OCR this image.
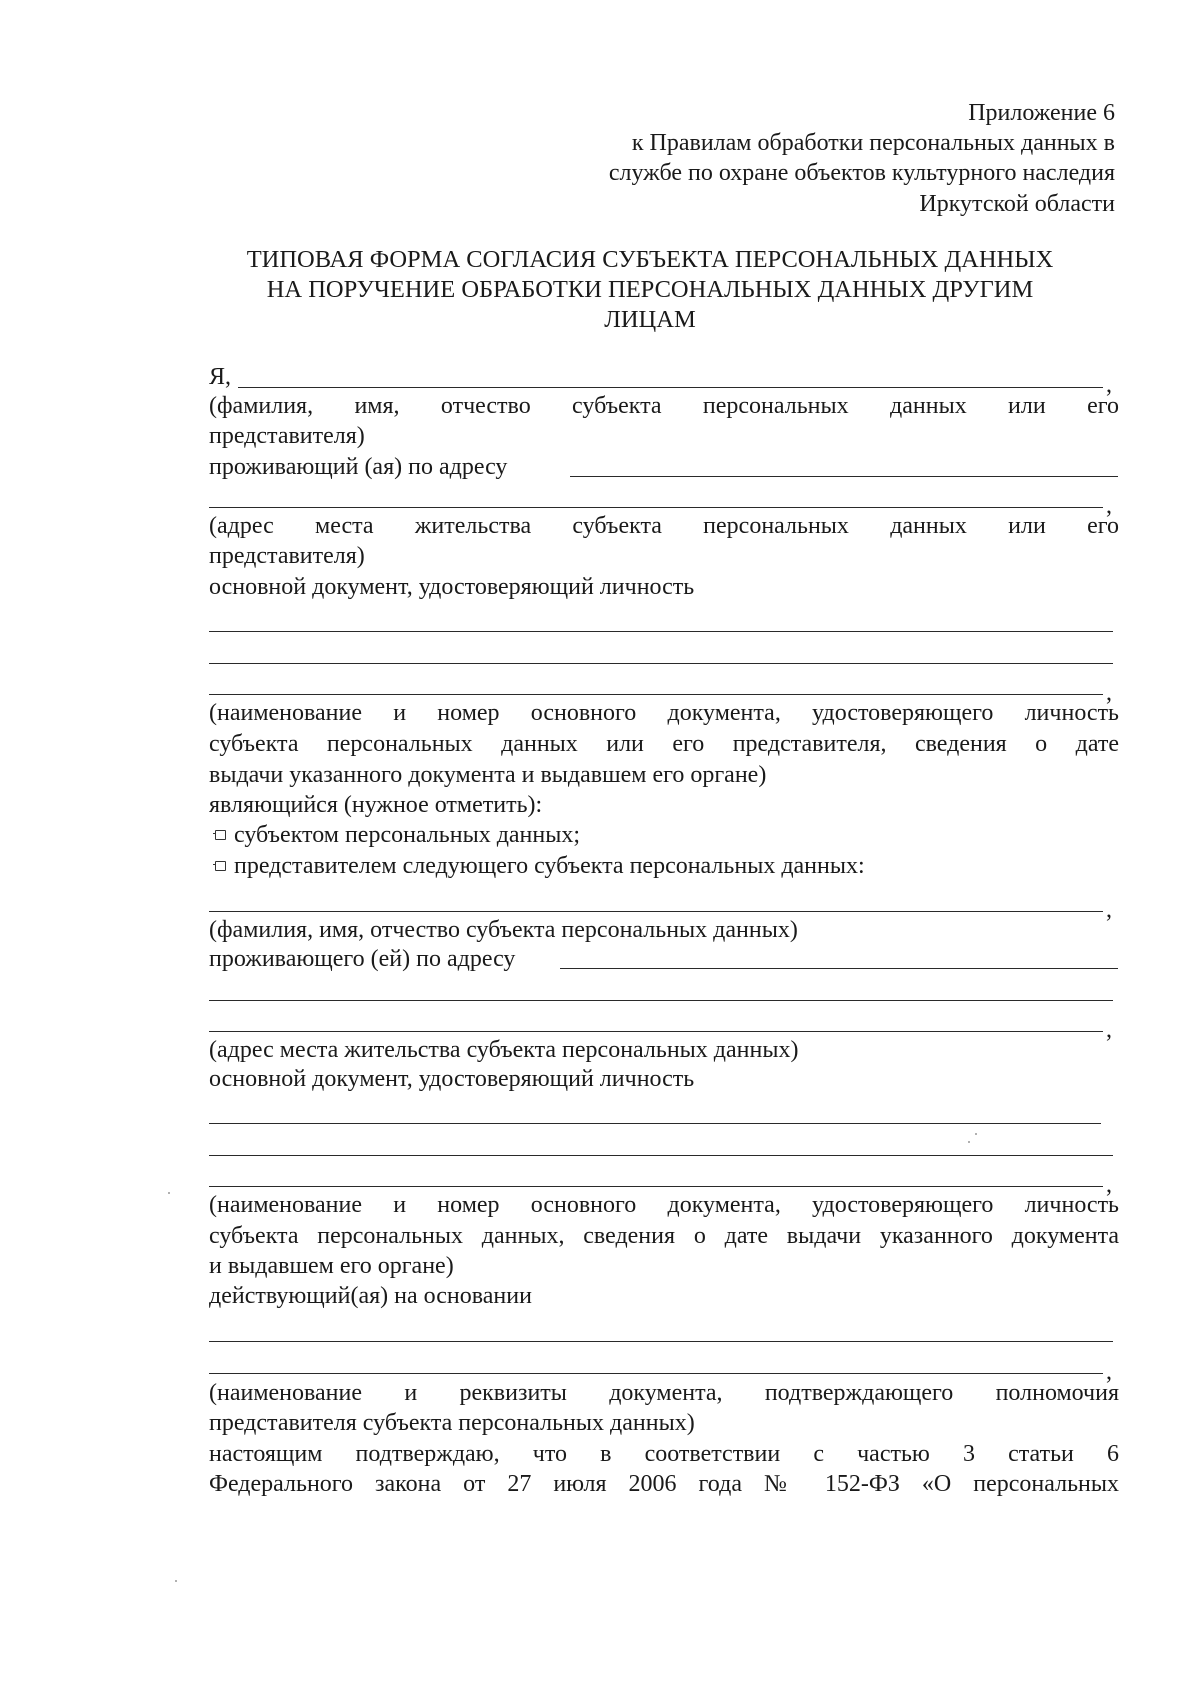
Приложение 6
к Правилам обработки персональных данных в
службе по охране объектов культурного наследия
Иркутской области
ТИПОВАЯ ФОРМА СОГЛАСИЯ СУБЪЕКТА ПЕРСОНАЛЬНЫХ ДАННЫХ
НА ПОРУЧЕНИЕ ОБРАБОТКИ ПЕРСОНАЛЬНЫХ ДАННЫХ ДРУГИМ
ЛИЦАМ
Я,	,
(фамилия, имя, отчество субъекта персональных данных или его
представителя)
проживающий (ая) по адресу
,
(адрес места жительства субъекта персональных данных или его
представителя)
основной документ, удостоверяющий личность
,
(наименование и номер основного документа, удостоверяющего личность
субъекта персональных данных или его представителя, сведения о дате
выдачи указанного документа и выдавшем его органе)
являющийся (нужное отметить):
субъектом персональных данных;
представителем следующего субъекта персональных данных:
,
(фамилия, имя, отчество субъекта персональных данных)
проживающего (ей) по адресу
,
(адрес места жительства субъекта персональных данных)
основной документ, удостоверяющий личность
,
(наименование и номер основного документа, удостоверяющего личность
субъекта персональных данных, сведения о дате выдачи указанного документа
и выдавшем его органе)
действующий(ая) на основании
,
(наименование и реквизиты документа, подтверждающего полномочия
представителя субъекта персональных данных)
настоящим подтверждаю, что в соответствии с частью 3 статьи 6
Федерального закона от 27 июля 2006 года № 152-ФЗ «О персональных
